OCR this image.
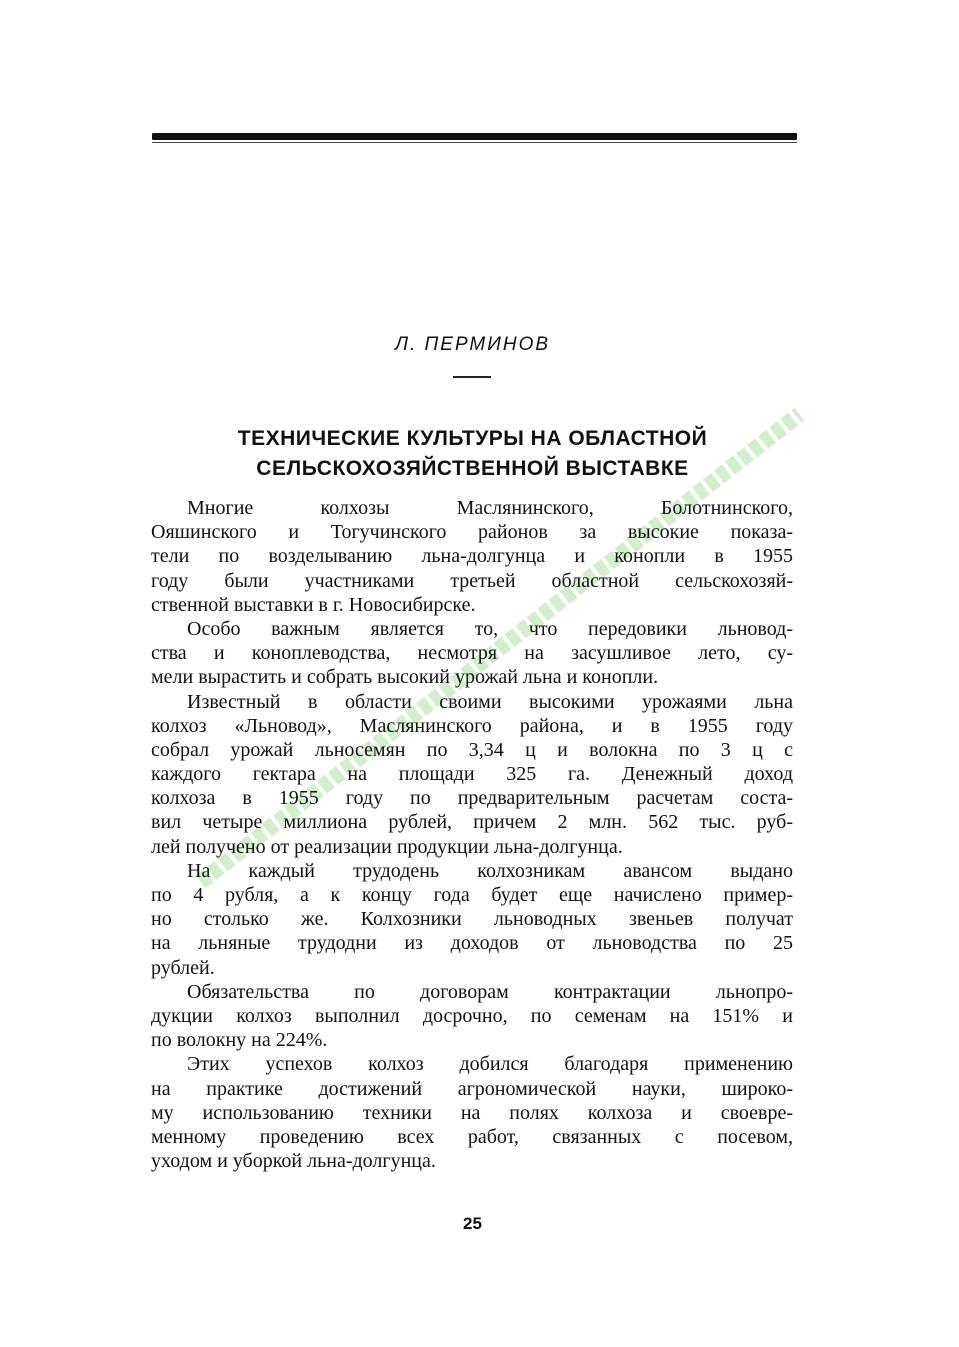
Л. ПЕРМИНОВ
ТЕХНИЧЕСКИЕ КУЛЬТУРЫ НА ОБЛАСТНОЙ
СЕЛЬСКОХОЗЯЙСТВЕННОЙ ВЫСТАВКЕ
Многие колхозы Маслянинского, Болотнинского,
Ояшинского и Тогучинского районов за высокие показа-
тели по возделыванию льна-долгунца и конопли в 1955
году были участниками третьей областной сельскохозяй-
ственной выставки в г. Новосибирске.
Особо важным является то, что передовики льновод-
ства и коноплеводства, несмотря на засушливое лето, су-
мели вырастить и собрать высокий урожай льна и конопли.
Известный в области своими высокими урожаями льна
колхоз «Льновод», Маслянинского района, и в 1955 году
собрал урожай льносемян по 3,34 ц и волокна по 3 ц с
каждого гектара на площади 325 га. Денежный доход
колхоза в 1955 году по предварительным расчетам соста-
вил четыре миллиона рублей, причем 2 млн. 562 тыс. руб-
лей получено от реализации продукции льна-долгунца.
На каждый трудодень колхозникам авансом выдано
по 4 рубля, а к концу года будет еще начислено пример-
но столько же. Колхозники льноводных звеньев получат
на льняные трудодни из доходов от льноводства по 25
рублей.
Обязательства по договорам контрактации льнопро-
дукции колхоз выполнил досрочно, по семенам на 151% и
по волокну на 224%.
Этих успехов колхоз добился благодаря применению
на практике достижений агрономической науки, широко-
му использованию техники на полях колхоза и своевре-
менному проведению всех работ, связанных с посевом,
уходом и уборкой льна-долгунца.
25
